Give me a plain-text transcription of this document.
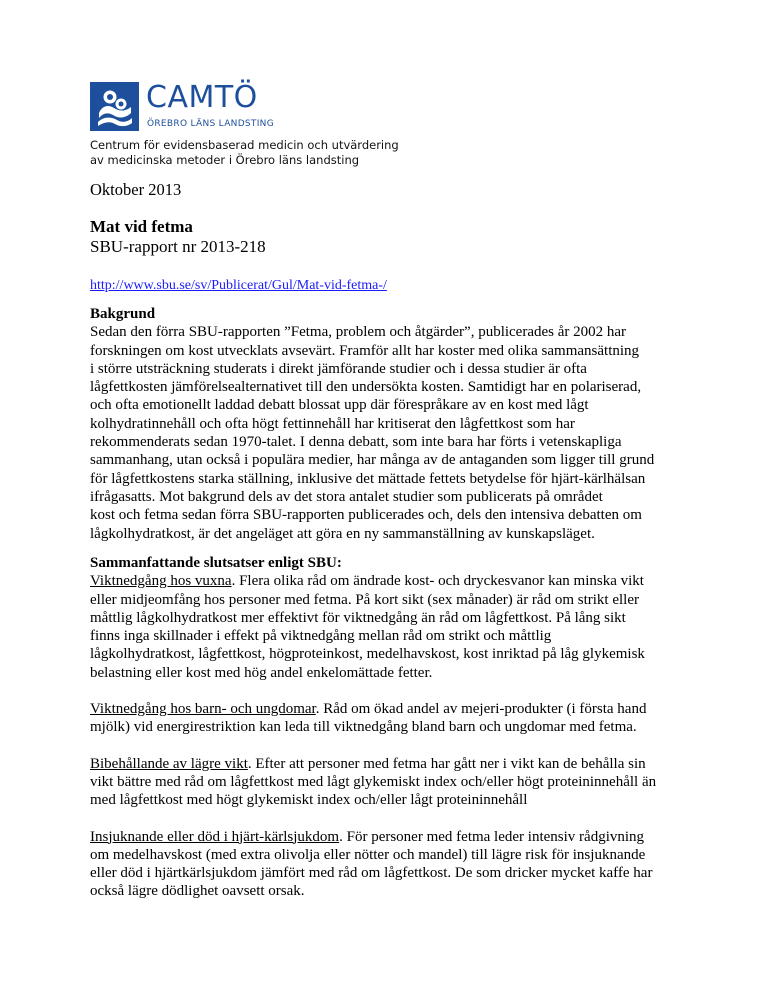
CAMTÖ
ÖREBRO LÄNS LANDSTING
Centrum för evidensbaserad medicin och utvärdering
av medicinska metoder i Örebro läns landsting
Oktober 2013
Mat vid fetma
SBU-rapport nr 2013-218
http://www.sbu.se/sv/Publicerat/Gul/Mat-vid-fetma-/
Bakgrund
Sedan den förra SBU-rapporten ”Fetma, problem och åtgärder”, publicerades år 2002 har
forskningen om kost utvecklats avsevärt. Framför allt har koster med olika sammansättning
i större utsträckning studerats i direkt jämförande studier och i dessa studier är ofta
lågfettkosten jämförelsealternativet till den undersökta kosten. Samtidigt har en polariserad,
och ofta emotionellt laddad debatt blossat upp där förespråkare av en kost med lågt
kolhydratinnehåll och ofta högt fettinnehåll har kritiserat den lågfettkost som har
rekommenderats sedan 1970-talet. I denna debatt, som inte bara har förts i vetenskapliga
sammanhang, utan också i populära medier, har många av de antaganden som ligger till grund
för lågfettkostens starka ställning, inklusive det mättade fettets betydelse för hjärt-kärlhälsan
ifrågasatts. Mot bakgrund dels av det stora antalet studier som publicerats på området
kost och fetma sedan förra SBU-rapporten publicerades och, dels den intensiva debatten om
lågkolhydratkost, är det angeläget att göra en ny sammanställning av kunskapsläget.
Sammanfattande slutsatser enligt SBU:
Viktnedgång hos vuxna. Flera olika råd om ändrade kost- och dryckesvanor kan minska vikt
eller midjeomfång hos personer med fetma. På kort sikt (sex månader) är råd om strikt eller
måttlig lågkolhydratkost mer effektivt för viktnedgång än råd om lågfettkost. På lång sikt
finns inga skillnader i effekt på viktnedgång mellan råd om strikt och måttlig
lågkolhydratkost, lågfettkost, högproteinkost, medelhavskost, kost inriktad på låg glykemisk
belastning eller kost med hög andel enkelomättade fetter.
Viktnedgång hos barn- och ungdomar. Råd om ökad andel av mejeri-produkter (i första hand
mjölk) vid energirestriktion kan leda till viktnedgång bland barn och ungdomar med fetma.
Bibehållande av lägre vikt. Efter att personer med fetma har gått ner i vikt kan de behålla sin
vikt bättre med råd om lågfettkost med lågt glykemiskt index och/eller högt proteininnehåll än
med lågfettkost med högt glykemiskt index och/eller lågt proteininnehåll
Insjuknande eller död i hjärt-kärlsjukdom. För personer med fetma leder intensiv rådgivning
om medelhavskost (med extra olivolja eller nötter och mandel) till lägre risk för insjuknande
eller död i hjärtkärlsjukdom jämfört med råd om lågfettkost. De som dricker mycket kaffe har
också lägre dödlighet oavsett orsak.
